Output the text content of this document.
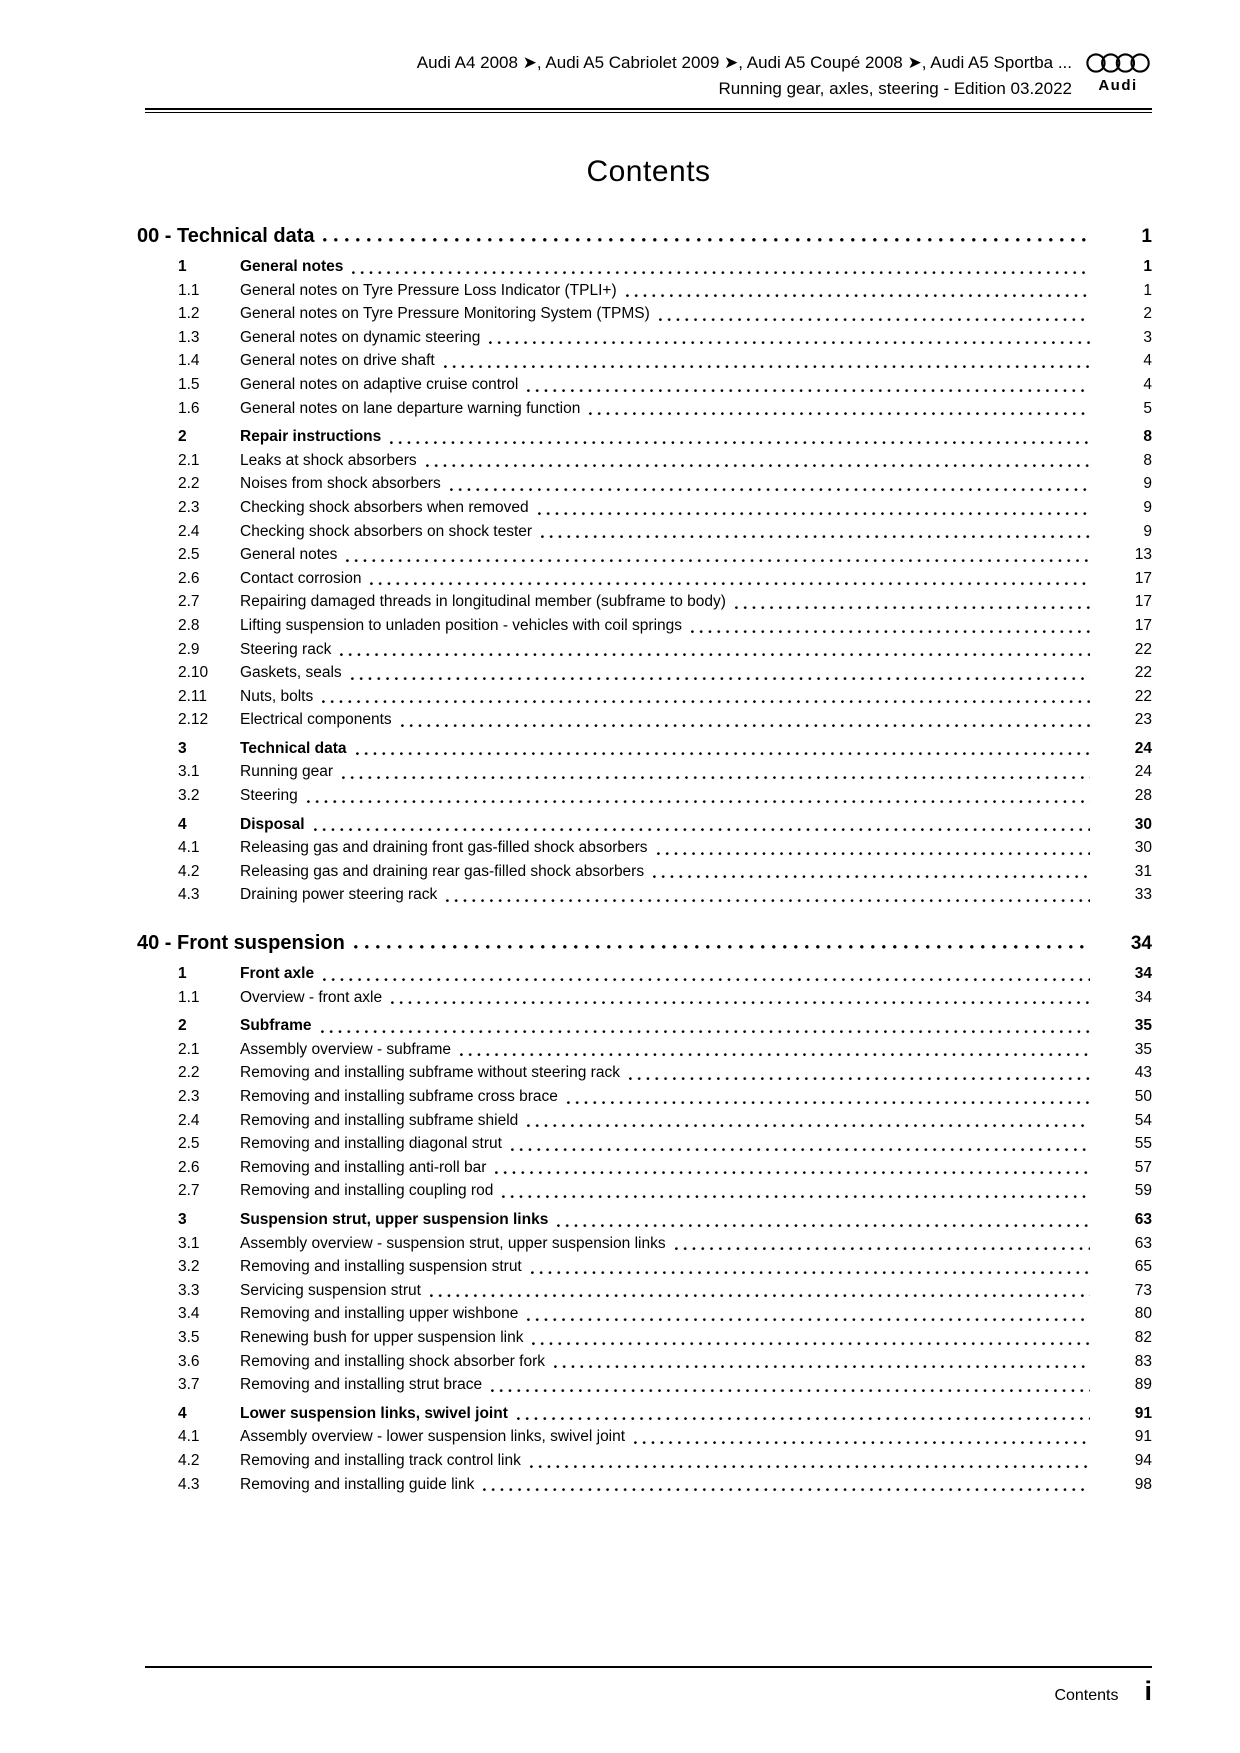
Audi A4 2008 ➤, Audi A5 Cabriolet 2009 ➤, Audi A5 Coupé 2008 ➤, Audi A5 Sportba ...
Running gear, axles, steering - Edition 03.2022	Audi
Contents
00 - Technical data	1
1	General notes	1
1.1	General notes on Tyre Pressure Loss Indicator (TPLI+)	1
1.2	General notes on Tyre Pressure Monitoring System (TPMS)	2
1.3	General notes on dynamic steering	3
1.4	General notes on drive shaft	4
1.5	General notes on adaptive cruise control	4
1.6	General notes on lane departure warning function	5
2	Repair instructions	8
2.1	Leaks at shock absorbers	8
2.2	Noises from shock absorbers	9
2.3	Checking shock absorbers when removed	9
2.4	Checking shock absorbers on shock tester	9
2.5	General notes	13
2.6	Contact corrosion	17
2.7	Repairing damaged threads in longitudinal member (subframe to body)	17
2.8	Lifting suspension to unladen position - vehicles with coil springs	17
2.9	Steering rack	22
2.10	Gaskets, seals	22
2.11	Nuts, bolts	22
2.12	Electrical components	23
3	Technical data	24
3.1	Running gear	24
3.2	Steering	28
4	Disposal	30
4.1	Releasing gas and draining front gas-filled shock absorbers	30
4.2	Releasing gas and draining rear gas-filled shock absorbers	31
4.3	Draining power steering rack	33
40 - Front suspension	34
1	Front axle	34
1.1	Overview - front axle	34
2	Subframe	35
2.1	Assembly overview - subframe	35
2.2	Removing and installing subframe without steering rack	43
2.3	Removing and installing subframe cross brace	50
2.4	Removing and installing subframe shield	54
2.5	Removing and installing diagonal strut	55
2.6	Removing and installing anti-roll bar	57
2.7	Removing and installing coupling rod	59
3	Suspension strut, upper suspension links	63
3.1	Assembly overview - suspension strut, upper suspension links	63
3.2	Removing and installing suspension strut	65
3.3	Servicing suspension strut	73
3.4	Removing and installing upper wishbone	80
3.5	Renewing bush for upper suspension link	82
3.6	Removing and installing shock absorber fork	83
3.7	Removing and installing strut brace	89
4	Lower suspension links, swivel joint	91
4.1	Assembly overview - lower suspension links, swivel joint	91
4.2	Removing and installing track control link	94
4.3	Removing and installing guide link	98
Contents i
